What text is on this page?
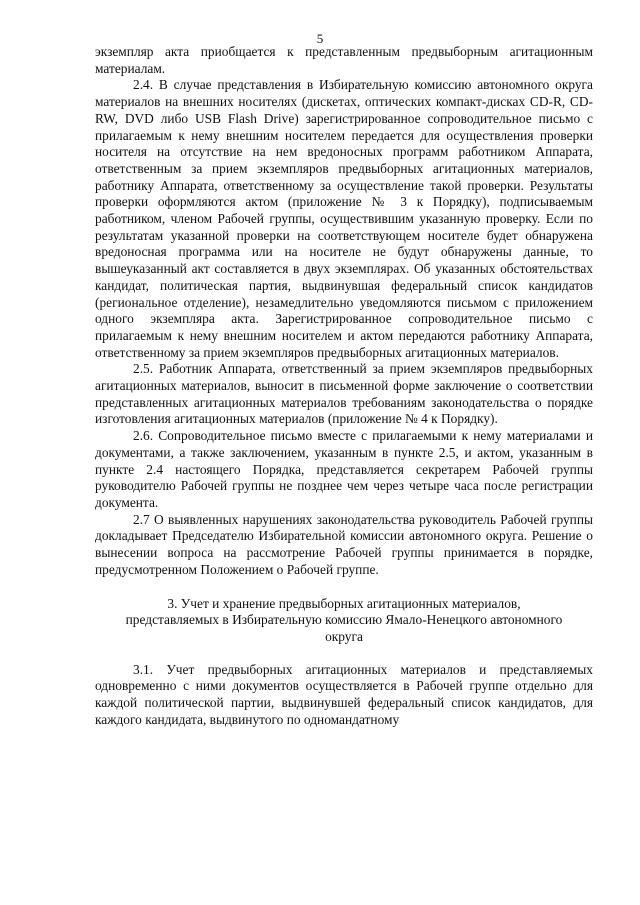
5

экземпляр акта приобщается к представленным предвыборным агитационным материалам.

2.4. В случае представления в Избирательную комиссию автономного округа материалов на внешних носителях (дискетах, оптических компакт-дисках CD-R, CD-RW, DVD либо USB Flash Drive) зарегистрированное сопроводительное письмо с прилагаемым к нему внешним носителем передается для осуществления проверки носителя на отсутствие на нем вредоносных программ работником Аппарата, ответственным за прием экземпляров предвыборных агитационных материалов, работнику Аппарата, ответственному за осуществление такой проверки. Результаты проверки оформляются актом (приложение № 3 к Порядку), подписываемым работником, членом Рабочей группы, осуществившим указанную проверку. Если по результатам указанной проверки на соответствующем носителе будет обнаружена вредоносная программа или на носителе не будут обнаружены данные, то вышеуказанный акт составляется в двух экземплярах. Об указанных обстоятельствах кандидат, политическая партия, выдвинувшая федеральный список кандидатов (региональное отделение), незамедлительно уведомляются письмом с приложением одного экземпляра акта. Зарегистрированное сопроводительное письмо с прилагаемым к нему внешним носителем и актом передаются работнику Аппарата, ответственному за прием экземпляров предвыборных агитационных материалов.

2.5. Работник Аппарата, ответственный за прием экземпляров предвыборных агитационных материалов, выносит в письменной форме заключение о соответствии представленных агитационных материалов требованиям законодательства о порядке изготовления агитационных материалов (приложение № 4 к Порядку).

2.6. Сопроводительное письмо вместе с прилагаемыми к нему материалами и документами, а также заключением, указанным в пункте 2.5, и актом, указанным в пункте 2.4 настоящего Порядка, представляется секретарем Рабочей группы руководителю Рабочей группы не позднее чем через четыре часа после регистрации документа.

2.7 О выявленных нарушениях законодательства руководитель Рабочей группы докладывает Председателю Избирательной комиссии автономного округа. Решение о вынесении вопроса на рассмотрение Рабочей группы принимается в порядке, предусмотренном Положением о Рабочей группе.

3. Учет и хранение предвыборных агитационных материалов,

представляемых в Избирательную комиссию Ямало-Ненецкого автономного

округа

3.1. Учет предвыборных агитационных материалов и представляемых одновременно с ними документов осуществляется в Рабочей группе отдельно для каждой политической партии, выдвинувшей федеральный список кандидатов, для каждого кандидата, выдвинутого по одномандатному
